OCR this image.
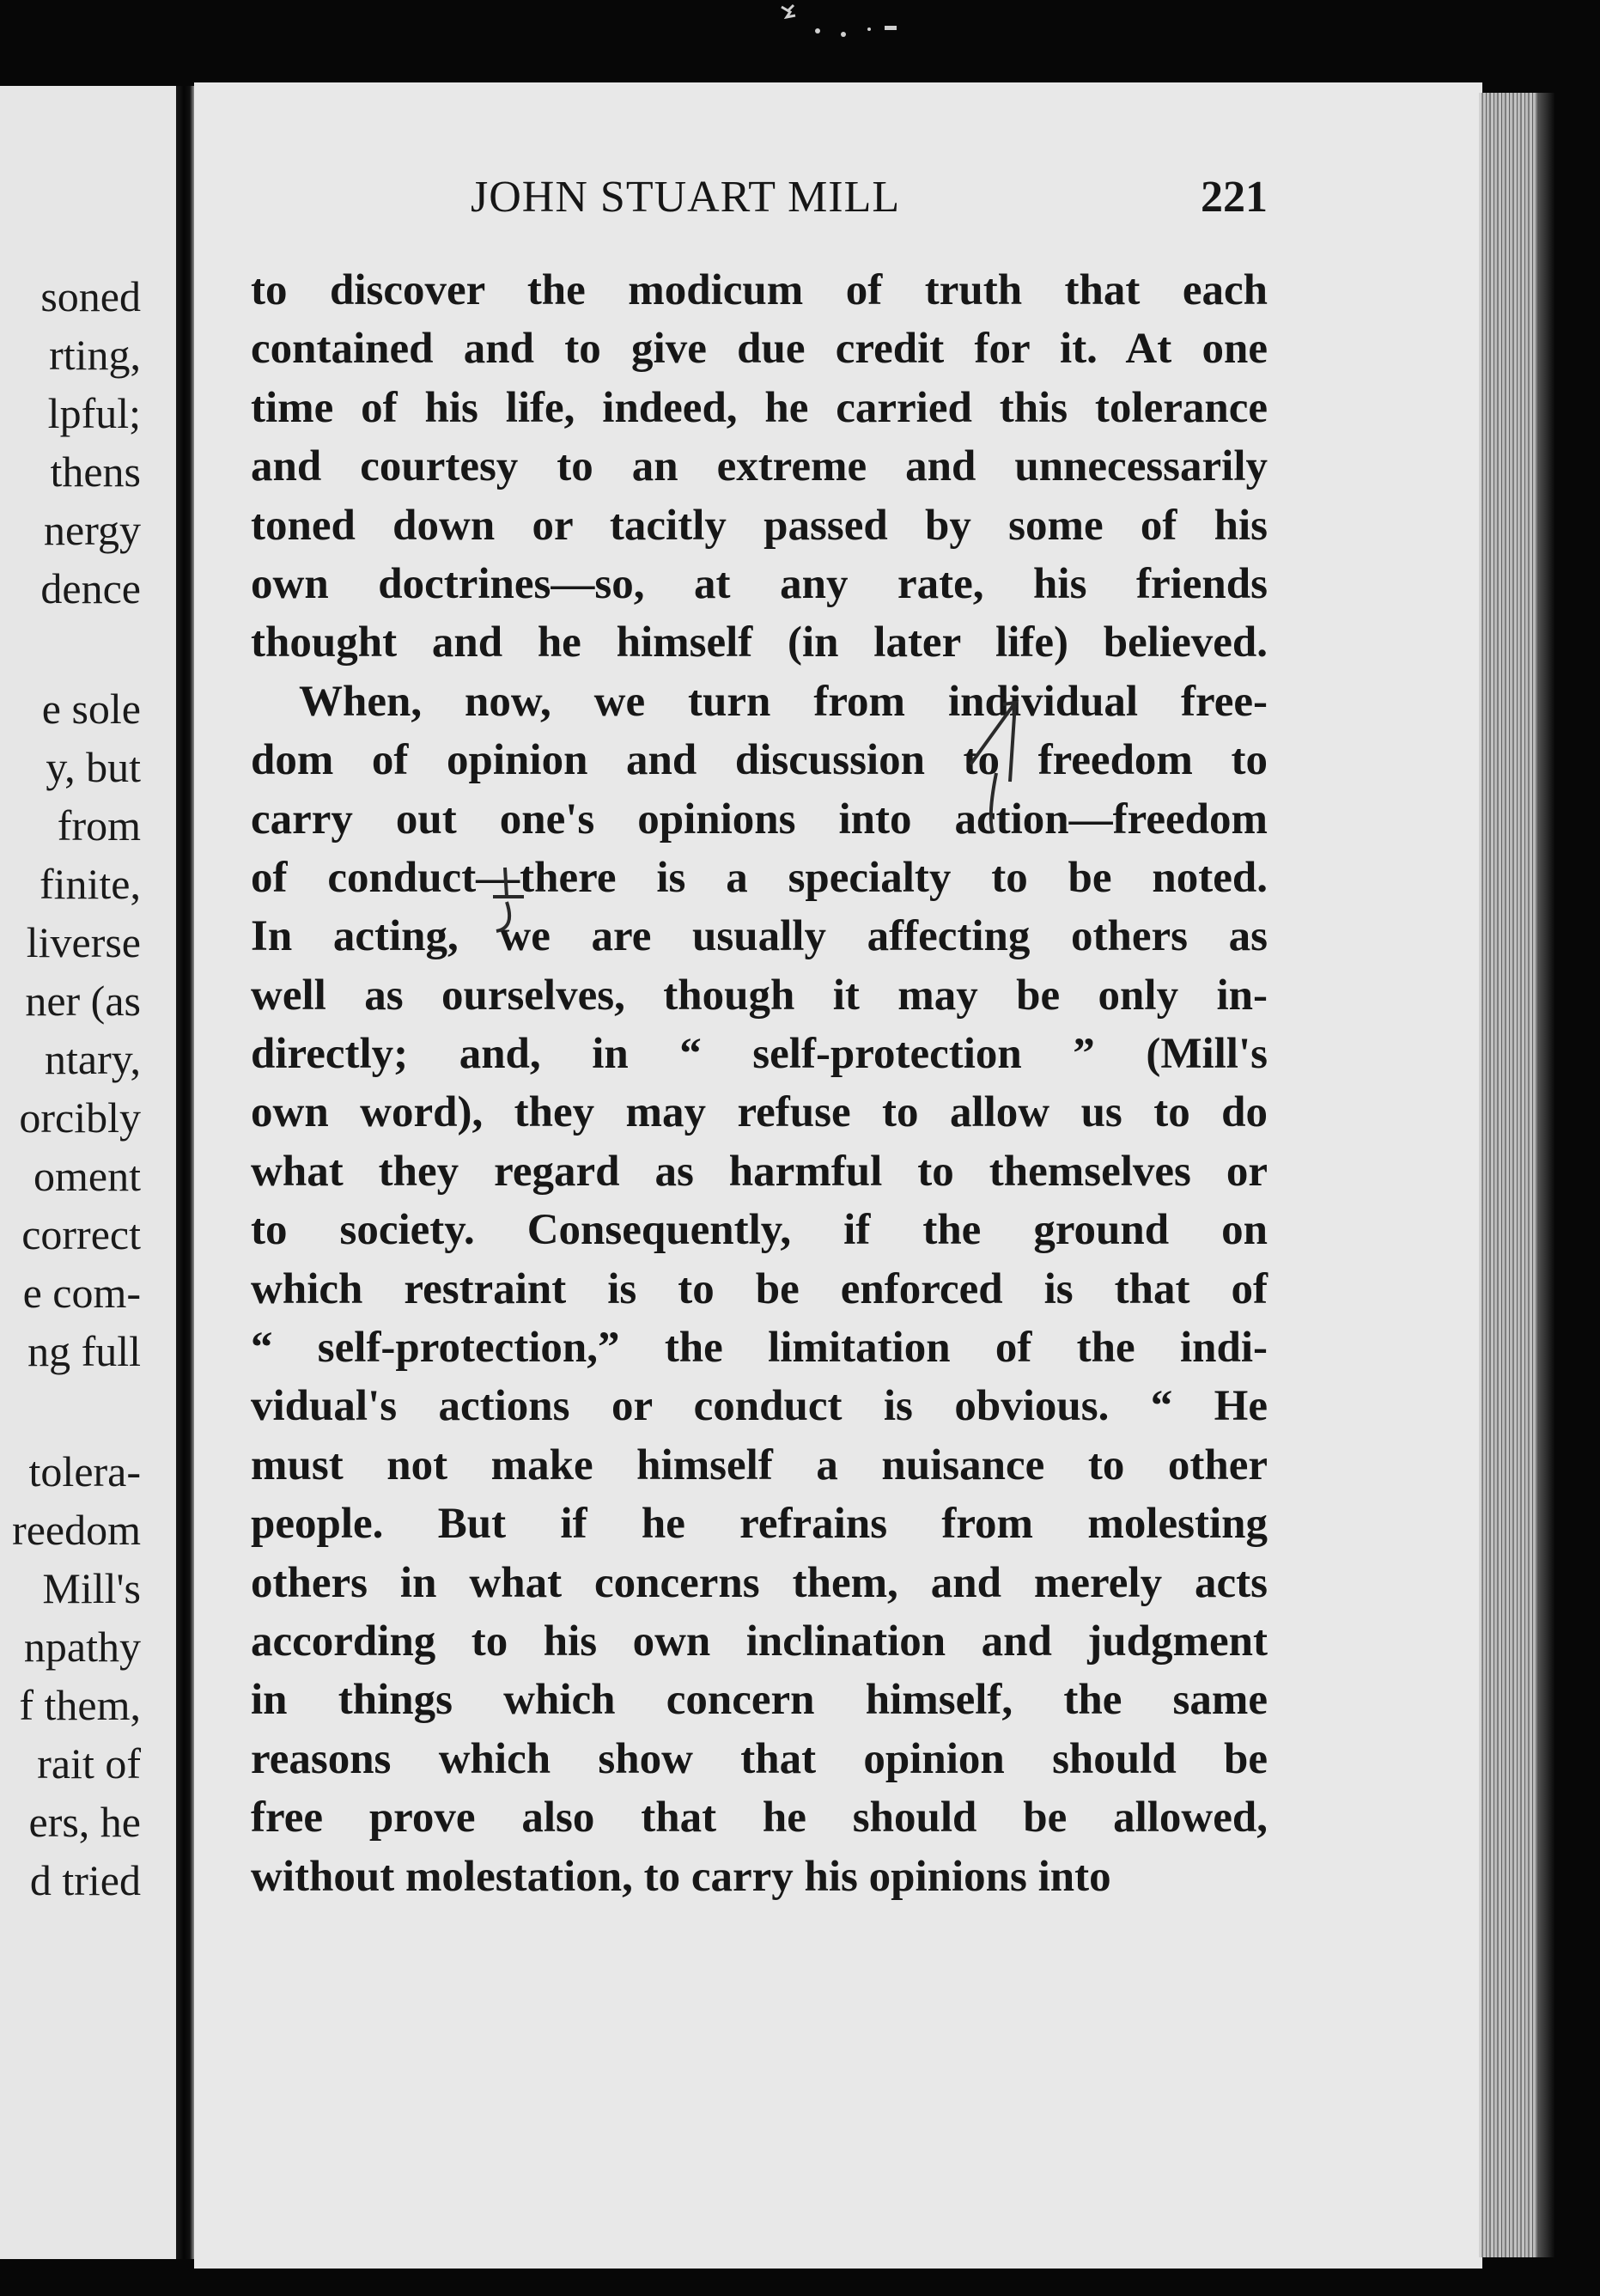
soned
rting,
lpful;
thens
nergy
dence
e sole
y, but
from
finite,
liverse
ner (as
ntary,
orcibly
oment
correct
e com-
ng full
tolera-
reedom
Mill's
npathy
f them,
rait of
ers, he
d tried
JOHN STUART MILL	221
to discover the modicum of truth that each
contained and to give due credit for it. At one
time of his life, indeed, he carried this tolerance
and courtesy to an extreme and unnecessarily
toned down or tacitly passed by some of his
own doctrines—so, at any rate, his friends
thought and he himself (in later life) believed.
When, now, we turn from individual free-
dom of opinion and discussion to freedom to
carry out one's opinions into action—freedom
of conduct—there is a specialty to be noted.
In acting, we are usually affecting others as
well as ourselves, though it may be only in-
directly; and, in “ self-protection ” (Mill's
own word), they may refuse to allow us to do
what they regard as harmful to themselves or
to society. Consequently, if the ground on
which restraint is to be enforced is that of
“ self-protection,” the limitation of the indi-
vidual's actions or conduct is obvious. “ He
must not make himself a nuisance to other
people. But if he refrains from molesting
others in what concerns them, and merely acts
according to his own inclination and judgment
in things which concern himself, the same
reasons which show that opinion should be
free prove also that he should be allowed,
without molestation, to carry his opinions into
